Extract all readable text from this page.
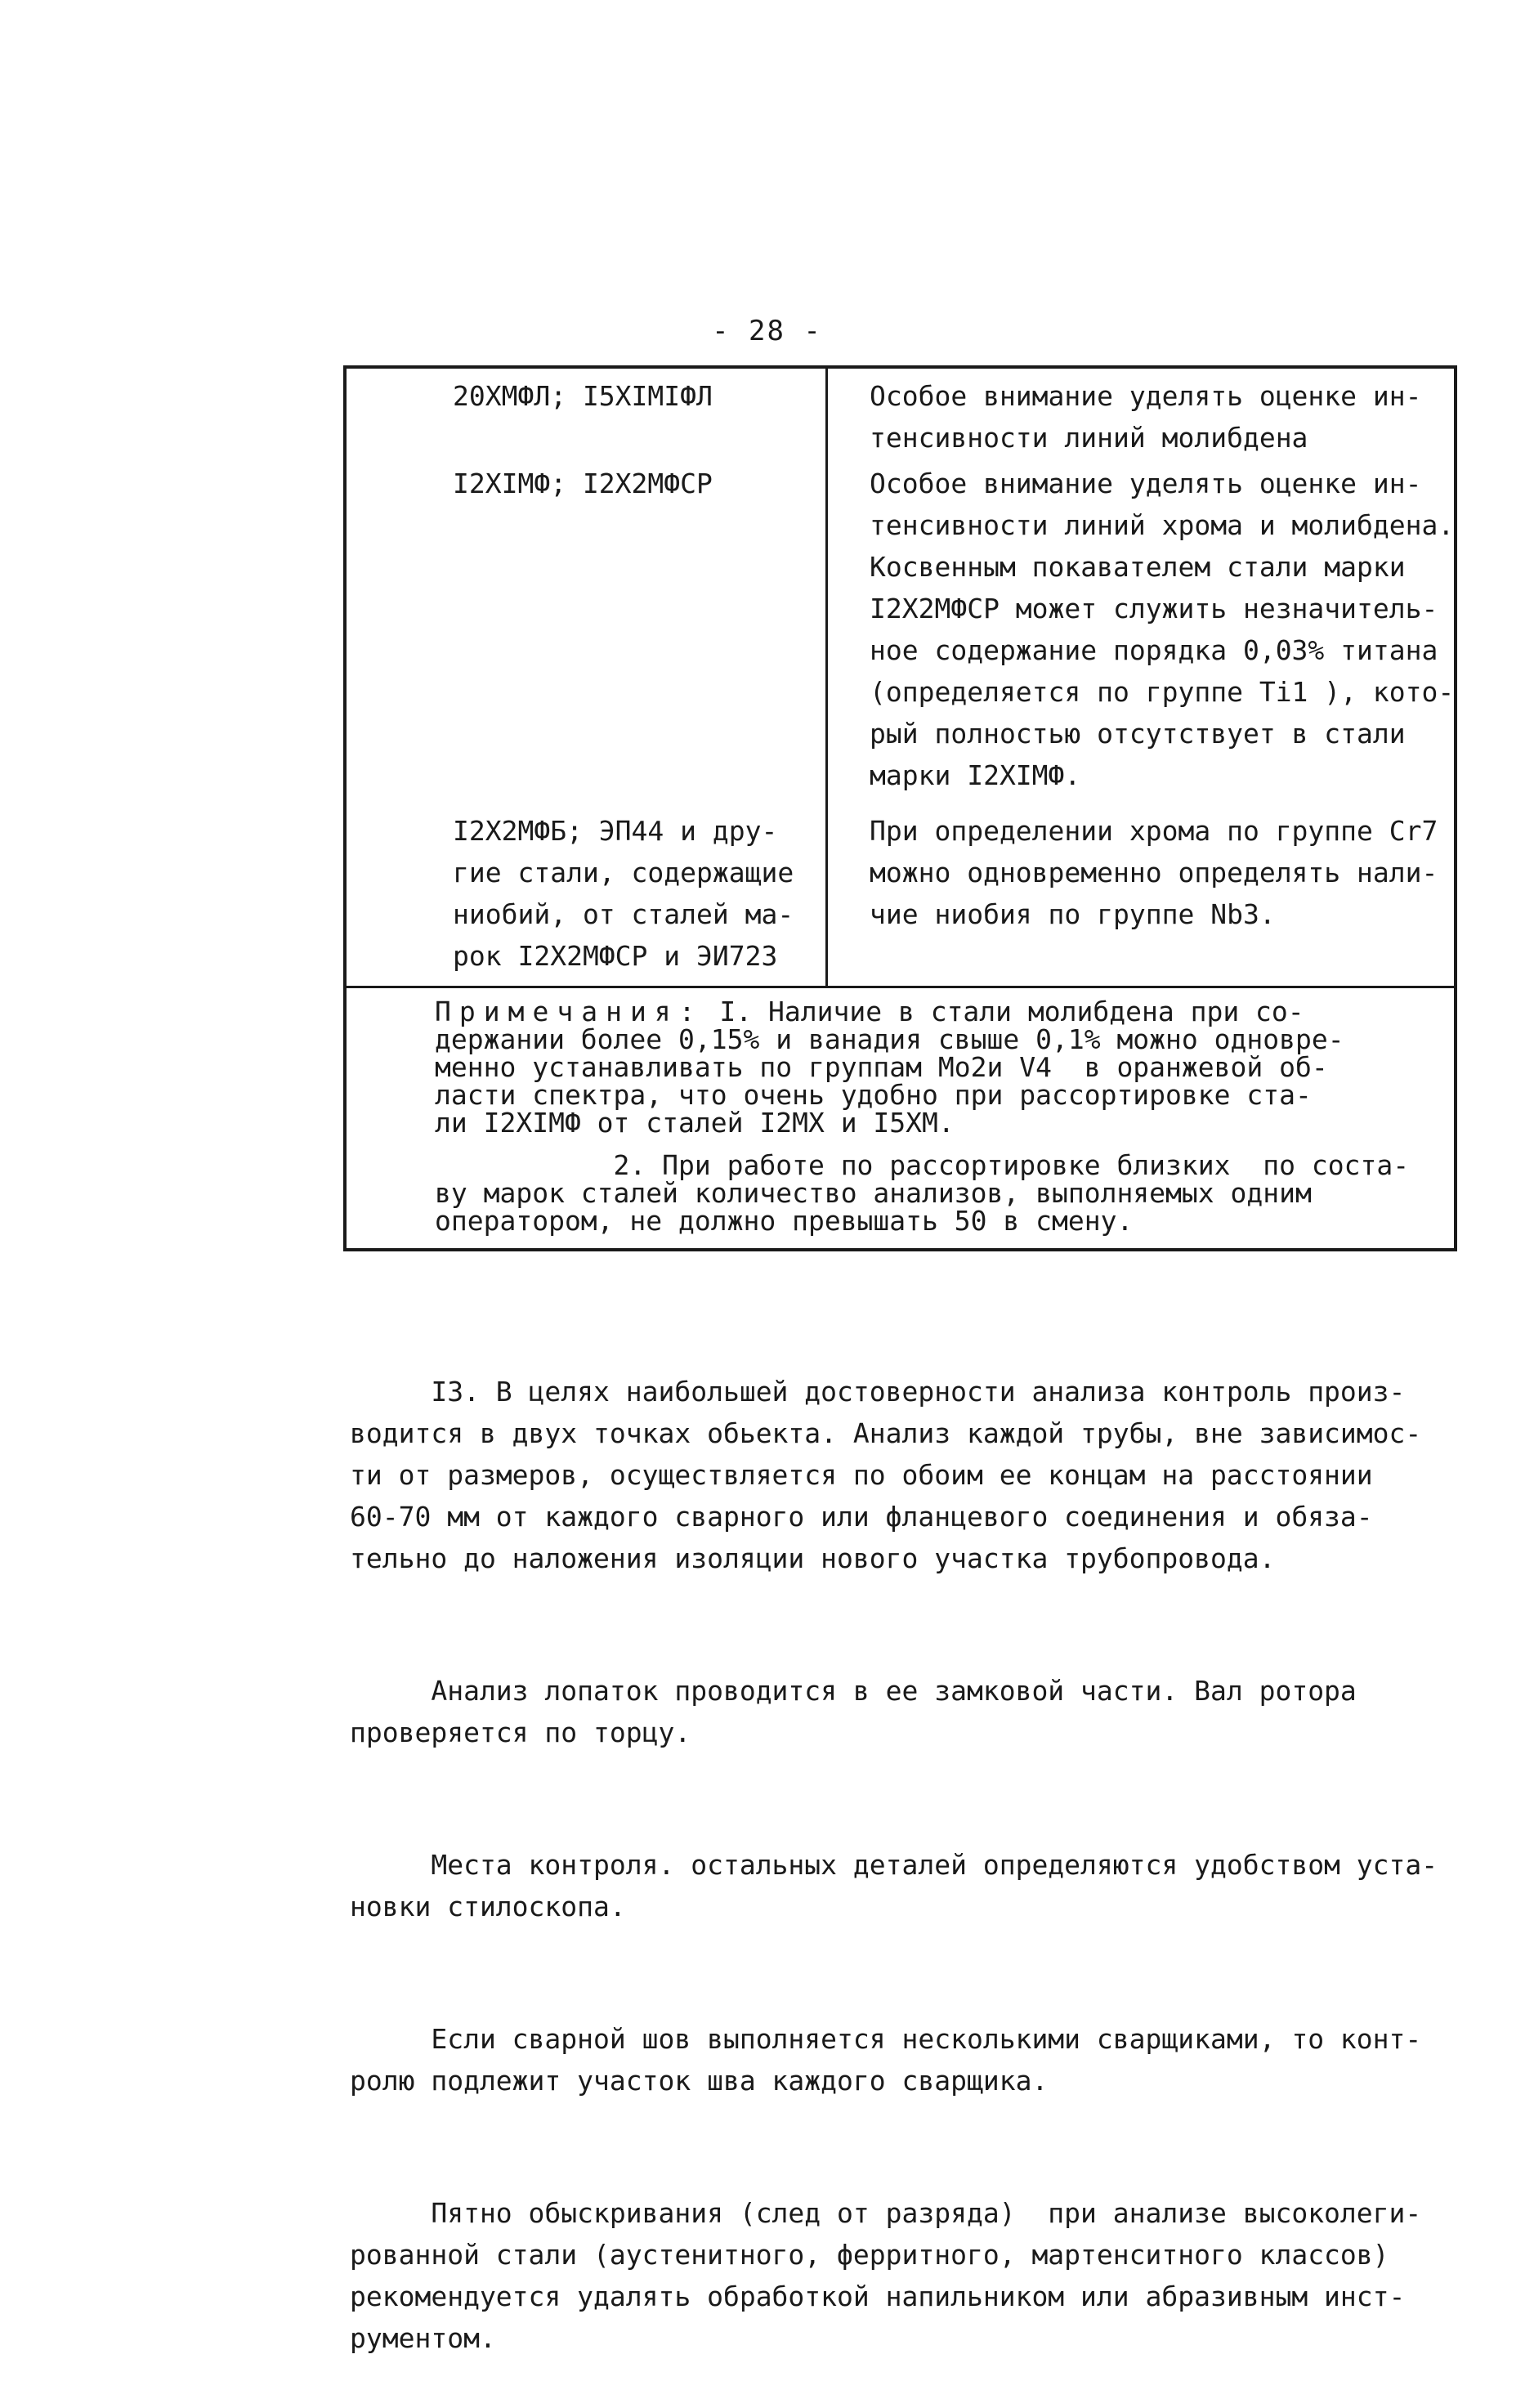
- 28 -
20ХМФЛ; I5XIMIФЛ	Особое внимание уделять оценке ин-
тенсивности линий молибдена
I2XIМФ; I2X2МФСР	Особое внимание уделять оценке ин-
тенсивности линий хрома и молибдена.
Косвенным покавателем стали марки
I2X2МФСР может служить незначитель-
ное содержание порядка 0,03% титана
(определяется по группе Ti1 ), кото-
рый полностью отсутствует в стали
марки I2XIМФ.
I2X2МФБ; ЭП44 и дру-
гие стали, содержащие
ниобий, от сталей ма-
рок I2X2МФСР и ЭИ723
При определении хрома по группе Cr7
можно одновременно определять нали-
чие ниобия по группе Nb3.
Примечания: I. Наличие в стали молибдена при со-
держании более 0,15% и ванадия свыше 0,1% можно одновре-
менно устанавливать по группам Mo2и V4  в оранжевой об-
ласти спектра, что очень удобно при рассортировке ста-
ли I2XIМФ от сталей I2МХ и I5ХМ.
2. При работе по рассортировке близких  по соста-
ву марок сталей количество анализов, выполняемых одним
оператором, не должно превышать 50 в смену.

I3. В целях наибольшей достоверности анализа контроль произ-
водится в двух точках обьекта. Анализ каждой трубы, вне зависимос-
ти от размеров, осуществляется по обоим ее концам на расстоянии
60-70 мм от каждого сварного или фланцевого соединения и обяза-
тельно до наложения изоляции нового участка трубопровода.

Анализ лопаток проводится в ее замковой части. Вал ротора
проверяется по торцу.

Места контроля. остальных деталей определяются удобством уста-
новки стилоскопа.

Если сварной шов выполняется несколькими сварщиками, то конт-
ролю подлежит участок шва каждого сварщика.

Пятно обыскривания (след от разряда)  при анализе высоколеги-
рованной стали (аустенитного, ферритного, мартенситного классов)
рекомендуется удалять обработкой напильником или абразивным инст-
рументом.
